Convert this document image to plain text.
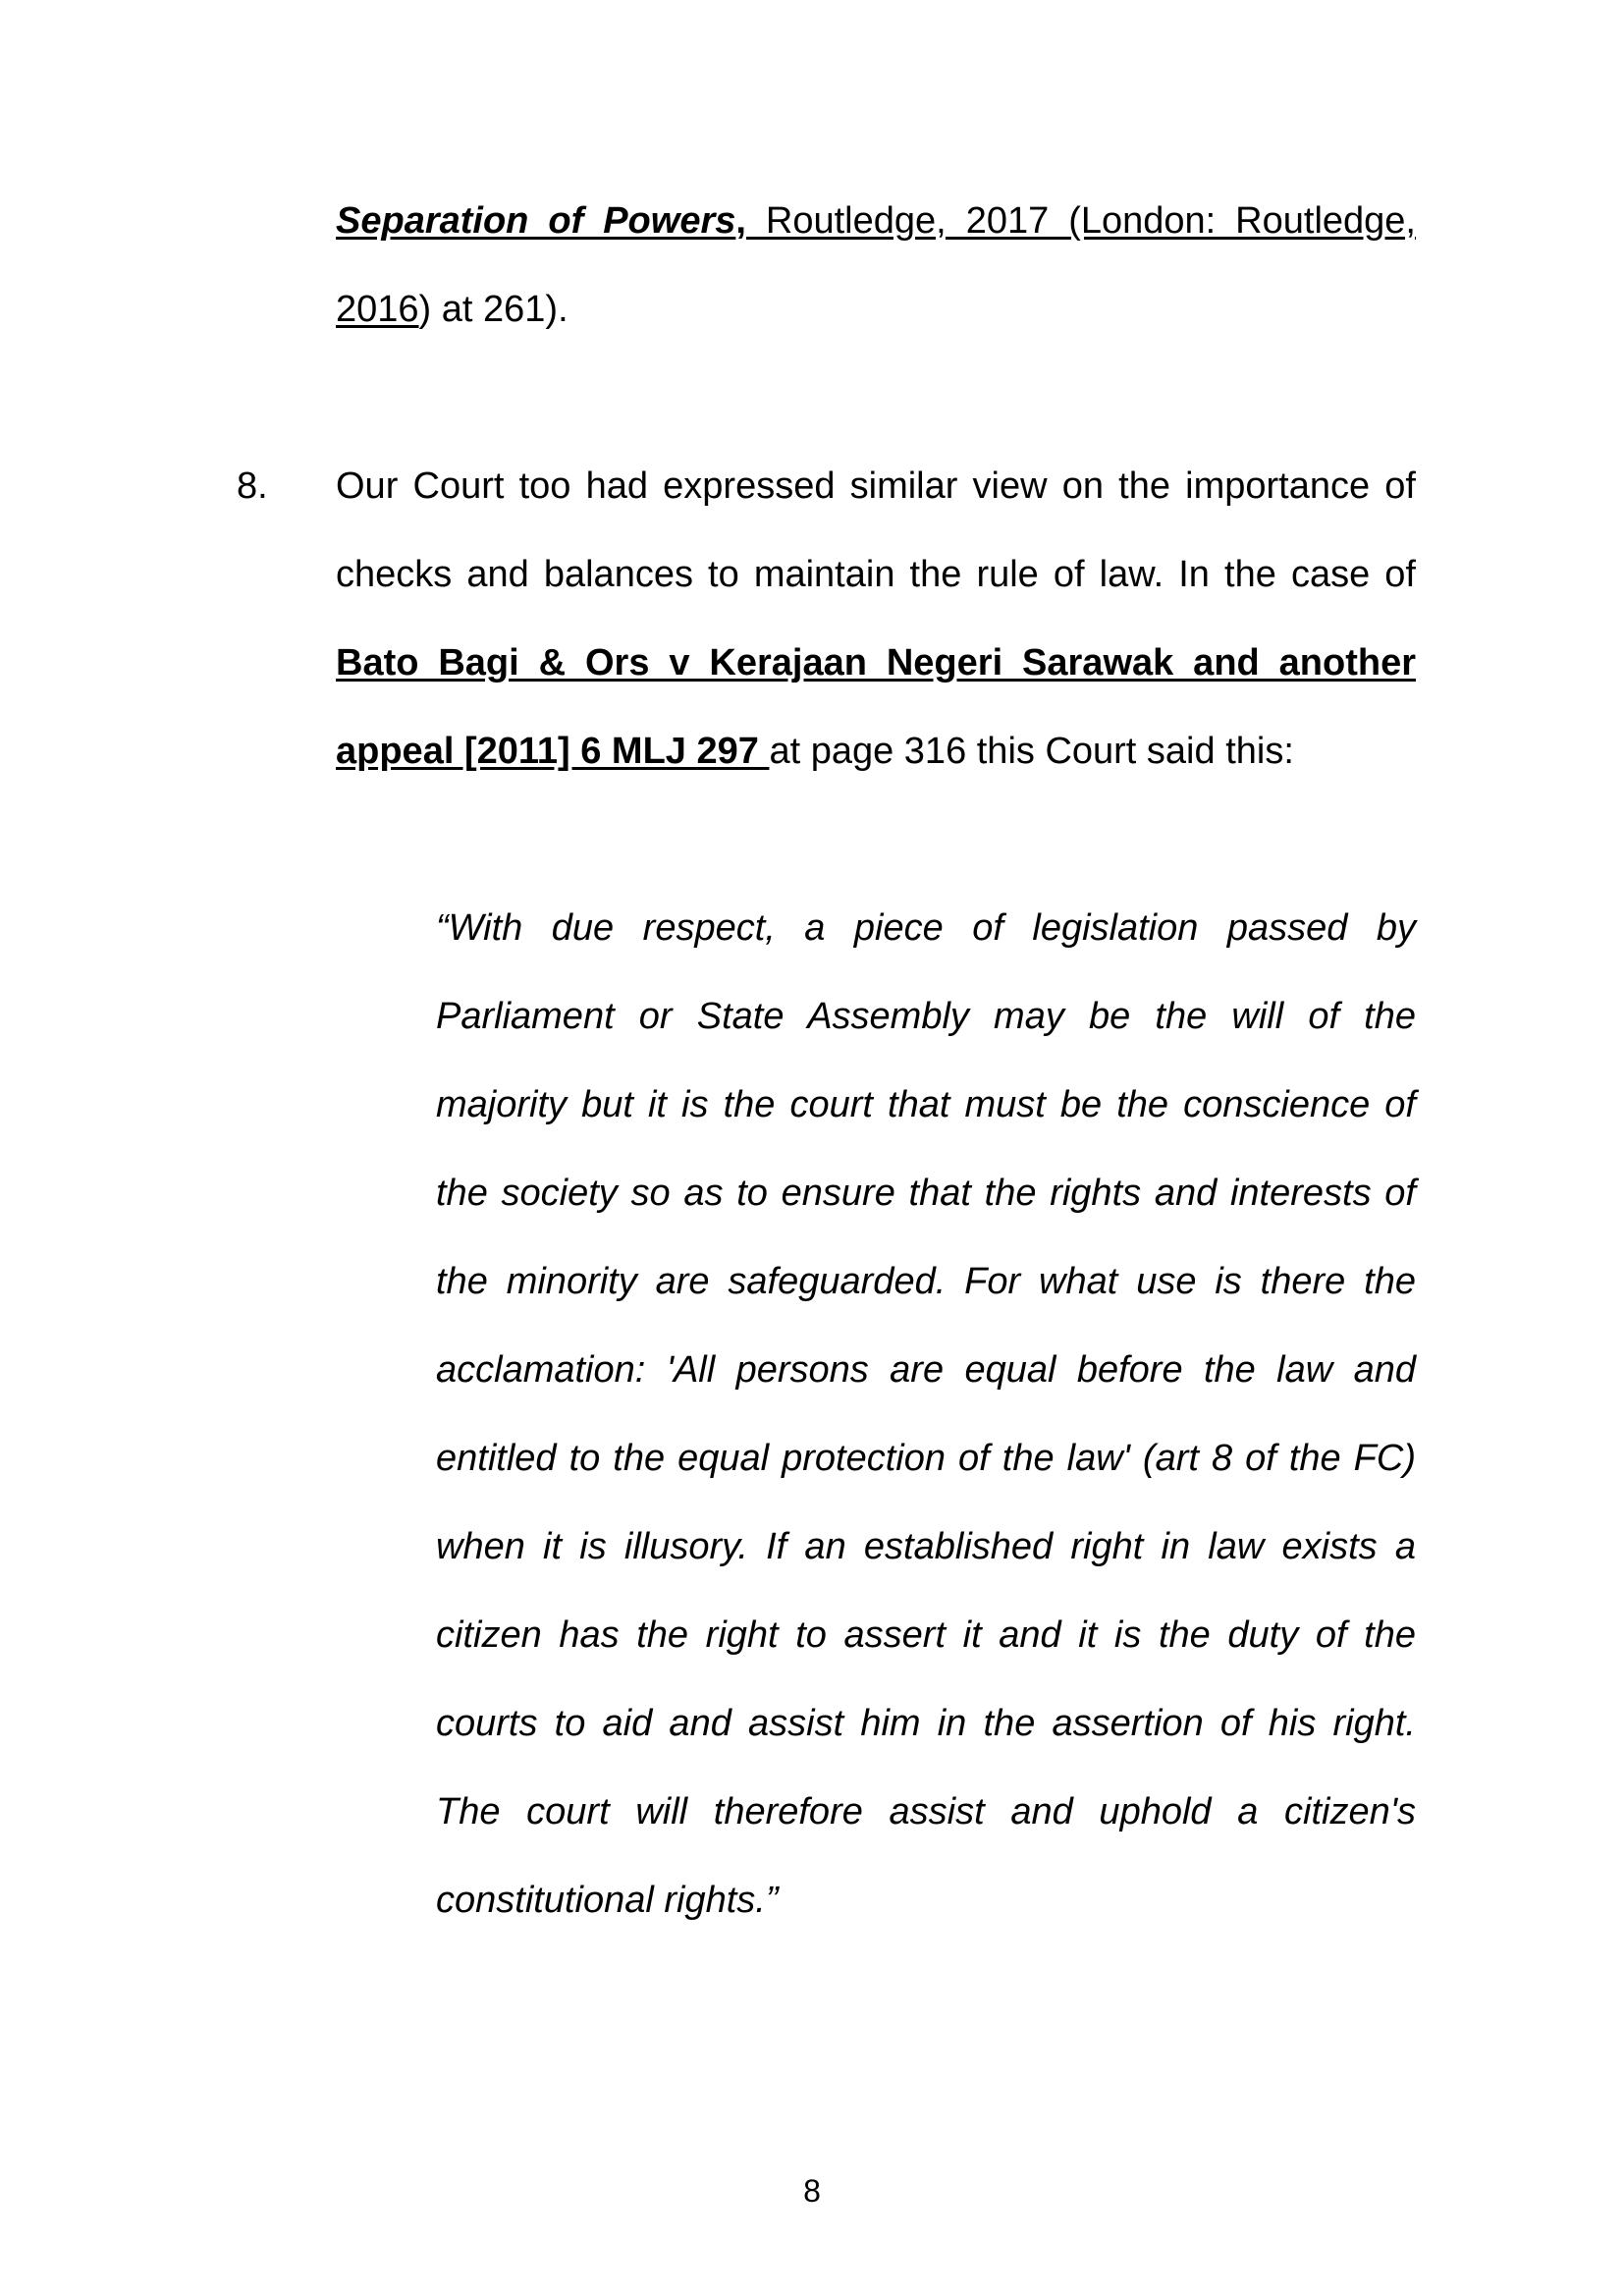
Separation of Powers, Routledge, 2017 (London: Routledge,
2016) at 261).
8. Our Court too had expressed similar view on the importance of
checks and balances to maintain the rule of law. In the case of
Bato Bagi & Ors v Kerajaan Negeri Sarawak and another
appeal [2011] 6 MLJ 297 at page 316 this Court said this:
“With due respect, a piece of legislation passed by
Parliament or State Assembly may be the will of the
majority but it is the court that must be the conscience of
the society so as to ensure that the rights and interests of
the minority are safeguarded. For what use is there the
acclamation: 'All persons are equal before the law and
entitled to the equal protection of the law' (art 8 of the FC)
when it is illusory. If an established right in law exists a
citizen has the right to assert it and it is the duty of the
courts to aid and assist him in the assertion of his right.
The court will therefore assist and uphold a citizen's
constitutional rights.”
8
